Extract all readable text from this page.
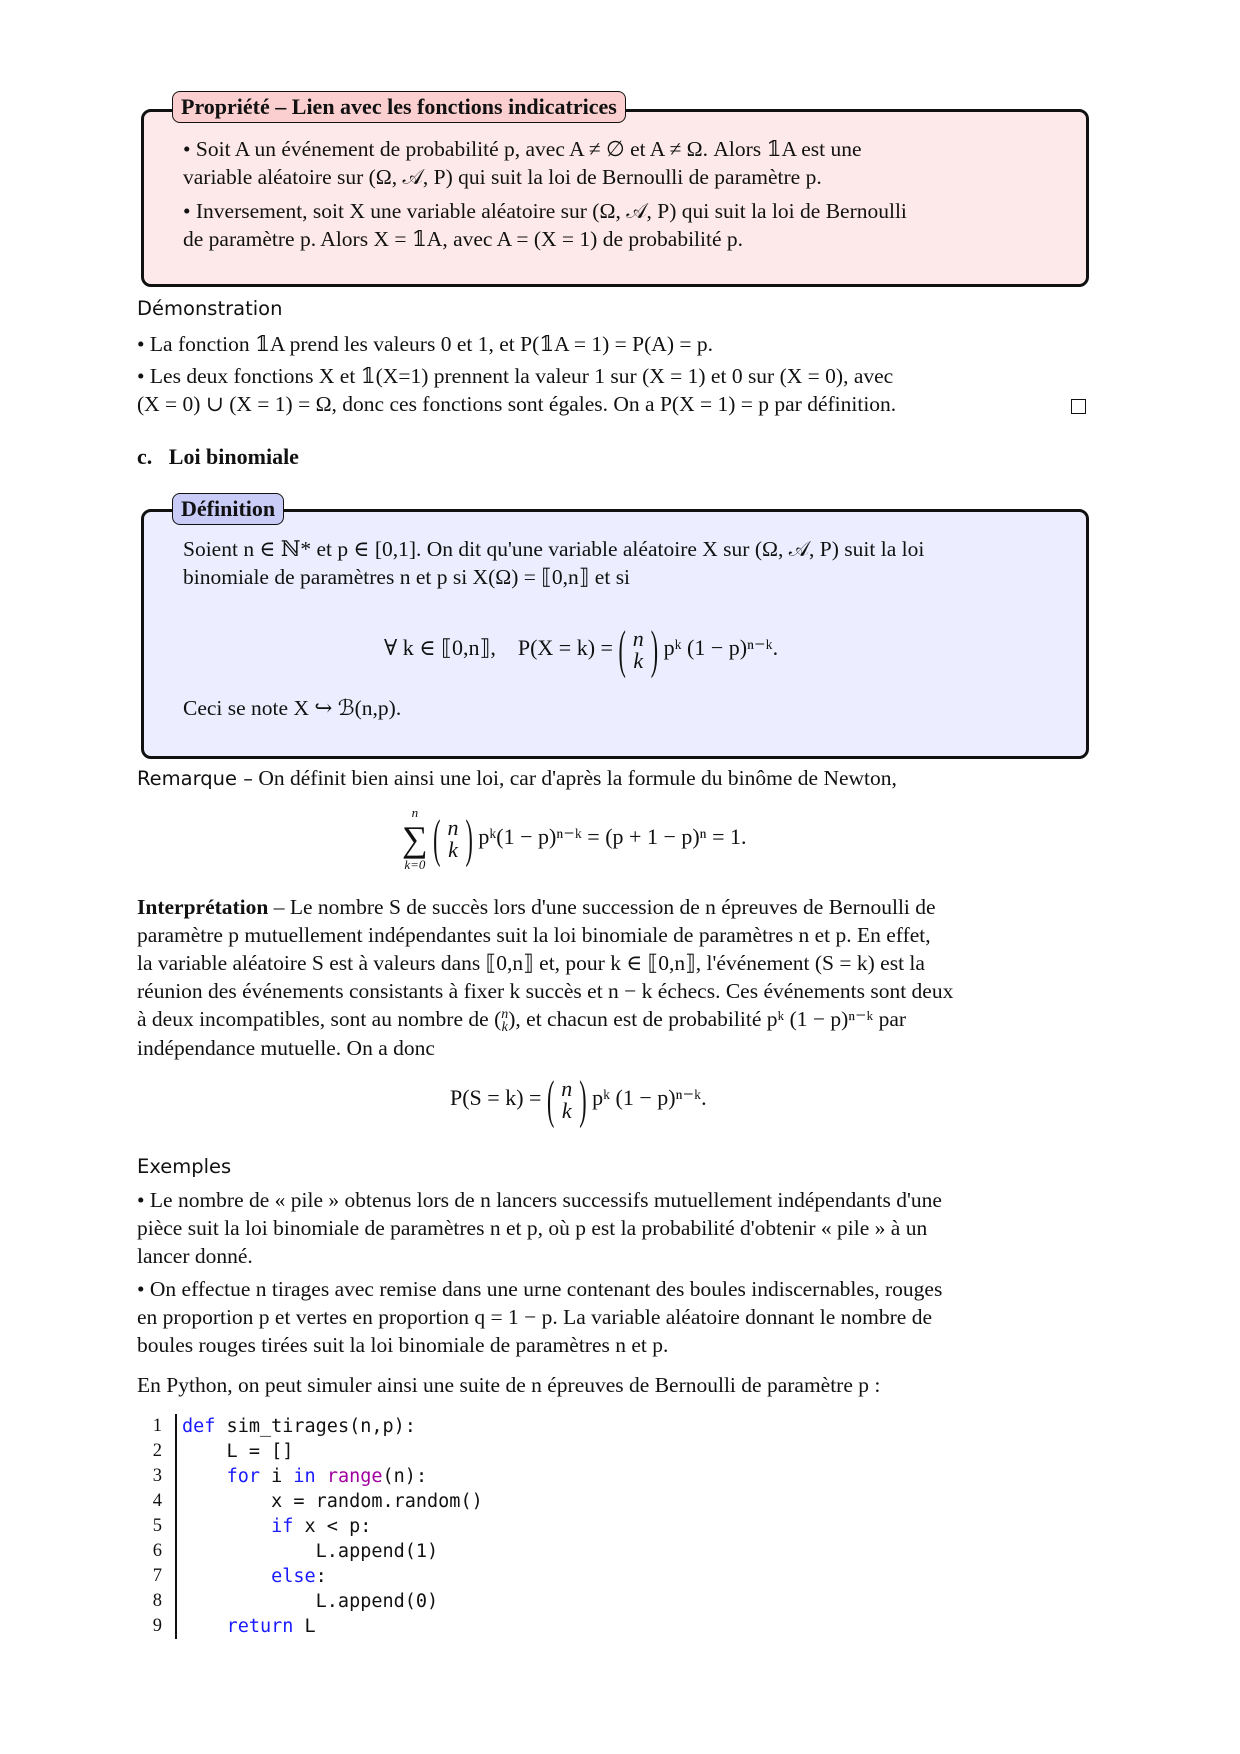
Propriété – Lien avec les fonctions indicatrices
• Soit A un événement de probabilité p, avec A ≠ ∅ et A ≠ Ω. Alors 𝟙A est une
variable aléatoire sur (Ω, 𝒜, P) qui suit la loi de Bernoulli de paramètre p.
• Inversement, soit X une variable aléatoire sur (Ω, 𝒜, P) qui suit la loi de Bernoulli
de paramètre p. Alors X = 𝟙A, avec A = (X = 1) de probabilité p.
Démonstration
• La fonction 𝟙A prend les valeurs 0 et 1, et P(𝟙A = 1) = P(A) = p.
• Les deux fonctions X et 𝟙(X=1) prennent la valeur 1 sur (X = 1) et 0 sur (X = 0), avec
(X = 0) ∪ (X = 1) = Ω, donc ces fonctions sont égales. On a P(X = 1) = p par définition.
c.   Loi binomiale
Définition
Soient n ∈ ℕ* et p ∈ [0,1]. On dit qu'une variable aléatoire X sur (Ω, 𝒜, P) suit la loi
binomiale de paramètres n et p si X(Ω) = ⟦0,n⟧ et si
∀ k ∈ ⟦0,n⟧,    P(X = k) = ( n
k ) pᵏ (1 − p)ⁿ⁻ᵏ.
Ceci se note X ↪ ℬ(n,p).
Remarque – On définit bien ainsi une loi, car d'après la formule du binôme de Newton,
n
∑
k=0 ( n
k ) pᵏ(1 − p)ⁿ⁻ᵏ = (p + 1 − p)ⁿ = 1.
Interprétation – Le nombre S de succès lors d'une succession de n épreuves de Bernoulli de
paramètre p mutuellement indépendantes suit la loi binomiale de paramètres n et p. En effet,
la variable aléatoire S est à valeurs dans ⟦0,n⟧ et, pour k ∈ ⟦0,n⟧, l'événement (S = k) est la
réunion des événements consistants à fixer k succès et n − k échecs. Ces événements sont deux
à deux incompatibles, sont au nombre de ( n
k ), et chacun est de probabilité pᵏ (1 − p)ⁿ⁻ᵏ par
indépendance mutuelle. On a donc
P(S = k) = ( n
k ) pᵏ (1 − p)ⁿ⁻ᵏ.
Exemples
• Le nombre de « pile » obtenus lors de n lancers successifs mutuellement indépendants d'une
pièce suit la loi binomiale de paramètres n et p, où p est la probabilité d'obtenir « pile » à un
lancer donné.
• On effectue n tirages avec remise dans une urne contenant des boules indiscernables, rouges
en proportion p et vertes en proportion q = 1 − p. La variable aléatoire donnant le nombre de
boules rouges tirées suit la loi binomiale de paramètres n et p.
En Python, on peut simuler ainsi une suite de n épreuves de Bernoulli de paramètre p :
1	def sim_tirages(n,p):
2	L = []
3	for i in range(n):
4	x = random.random()
5	if x < p:
6	L.append(1)
7	else:
8	L.append(0)
9	return L
